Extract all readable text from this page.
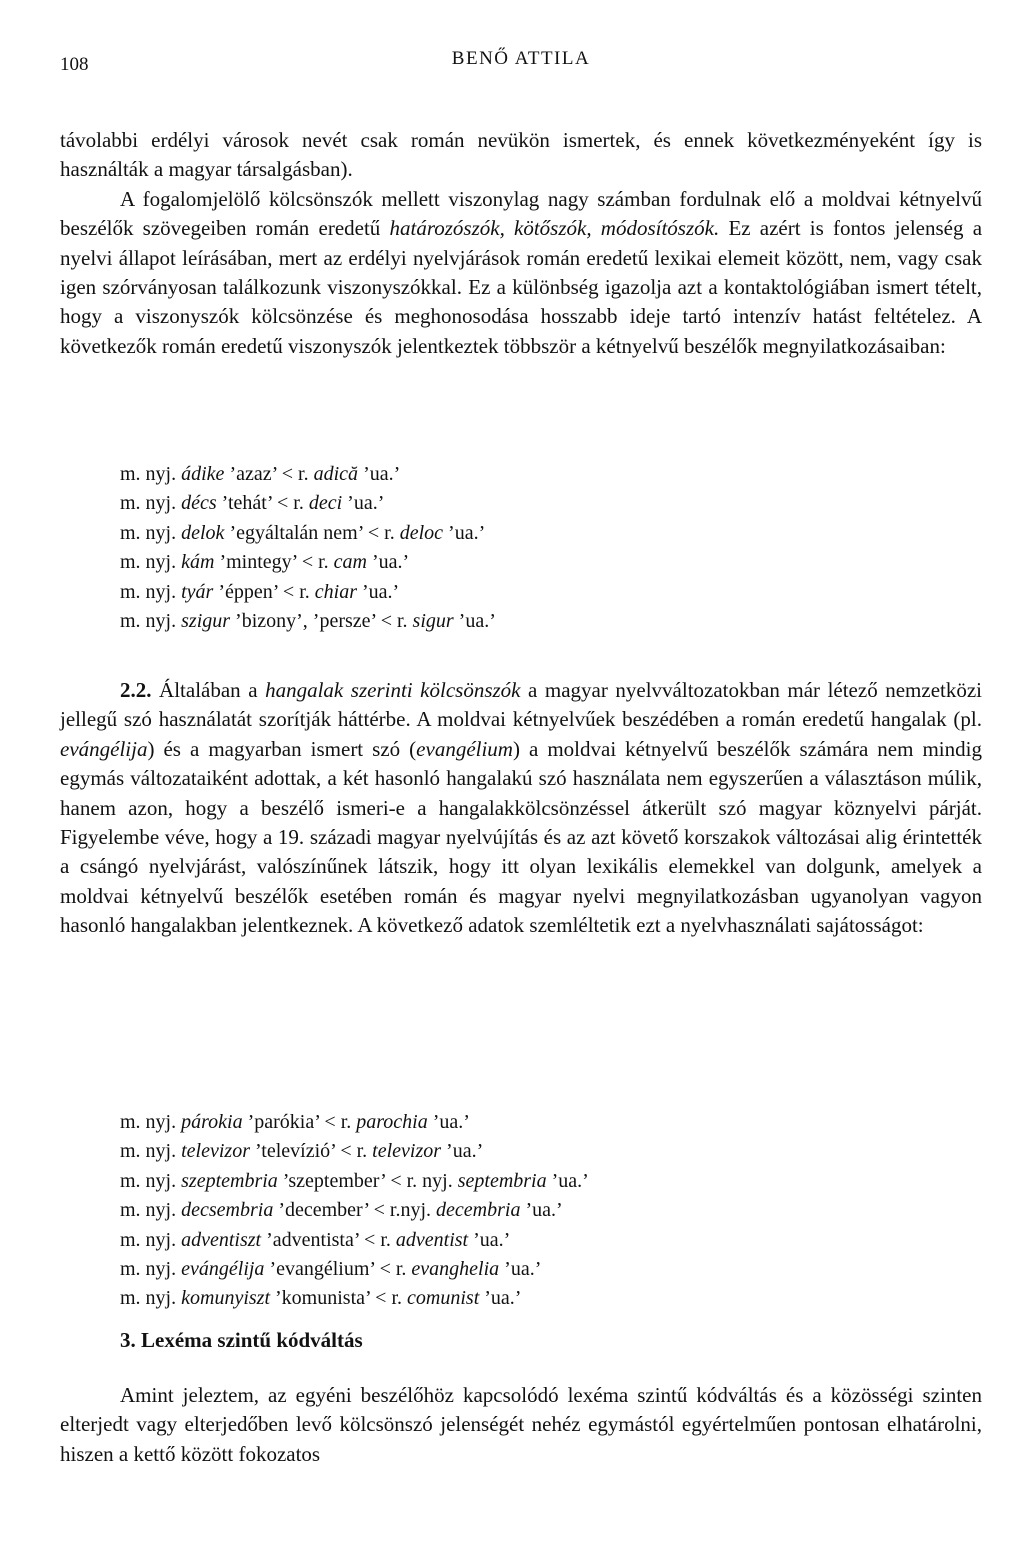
108	BENŐ ATTILA

távolabbi erdélyi városok nevét csak román nevükön ismertek, és ennek következményeként így is használták a magyar társalgásban).
A fogalomjelölő kölcsönszók mellett viszonylag nagy számban fordulnak elő a moldvai kétnyelvű beszélők szövegeiben román eredetű határozószók, kötőszók, módosítószók. Ez azért is fontos jelenség a nyelvi állapot leírásában, mert az erdélyi nyelvjárások román eredetű lexikai elemeit között, nem, vagy csak igen szórványosan találkozunk viszonyszókkal. Ez a különbség igazolja azt a kontaktológiában ismert tételt, hogy a viszonyszók kölcsönzése és meghonosodása hosszabb ideje tartó intenzív hatást feltételez. A következők román eredetű viszonyszók jelentkeztek többször a kétnyelvű beszélők megnyilatkozásaiban:

m. nyj. ádike ’azaz’ < r. adică ’ua.’
m. nyj. décs ’tehát’ < r. deci ’ua.’
m. nyj. delok ’egyáltalán nem’ < r. deloc ’ua.’
m. nyj. kám ’mintegy’ < r. cam ’ua.’
m. nyj. tyár ’éppen’ < r. chiar ’ua.’
m. nyj. szigur ’bizony’, ’persze’ < r. sigur ’ua.’

2.2. Általában a hangalak szerinti kölcsönszók a magyar nyelvváltozatokban már létező nemzetközi jellegű szó használatát szorítják háttérbe. A moldvai kétnyelvűek beszédében a román eredetű hangalak (pl. evángélija) és a magyarban ismert szó (evangélium) a moldvai kétnyelvű beszélők számára nem mindig egymás változataiként adottak, a két hasonló hangalakú szó használata nem egyszerűen a választáson múlik, hanem azon, hogy a beszélő ismeri-e a hangalakkölcsönzéssel átkerült szó magyar köznyelvi párját. Figyelembe véve, hogy a 19. századi magyar nyelvújítás és az azt követő korszakok változásai alig érintették a csángó nyelvjárást, valószínűnek látszik, hogy itt olyan lexikális elemekkel van dolgunk, amelyek a moldvai kétnyelvű beszélők esetében román és magyar nyelvi megnyilatkozásban ugyanolyan vagyon hasonló hangalakban jelentkeznek. A következő adatok szemléltetik ezt a nyelvhasználati sajátosságot:

m. nyj. párokia ’parókia’ < r. parochia ’ua.’
m. nyj. televizor ’televízió’ < r. televizor ’ua.’
m. nyj. szeptembria ’szeptember’ < r. nyj. septembria ’ua.’
m. nyj. decsembria ’december’ < r.nyj. decembria ’ua.’
m. nyj. adventiszt ’adventista’ < r. adventist ’ua.’
m. nyj. evángélija ’evangélium’ < r. evanghelia ’ua.’
m. nyj. komunyiszt ’komunista’ < r. comunist ’ua.’
3. Lexéma szintű kódváltás

Amint jeleztem, az egyéni beszélőhöz kapcsolódó lexéma szintű kódváltás és a közösségi szinten elterjedt vagy elterjedőben levő kölcsönszó jelenségét nehéz egymástól egyértelműen pontosan elhatárolni, hiszen a kettő között fokozatos
